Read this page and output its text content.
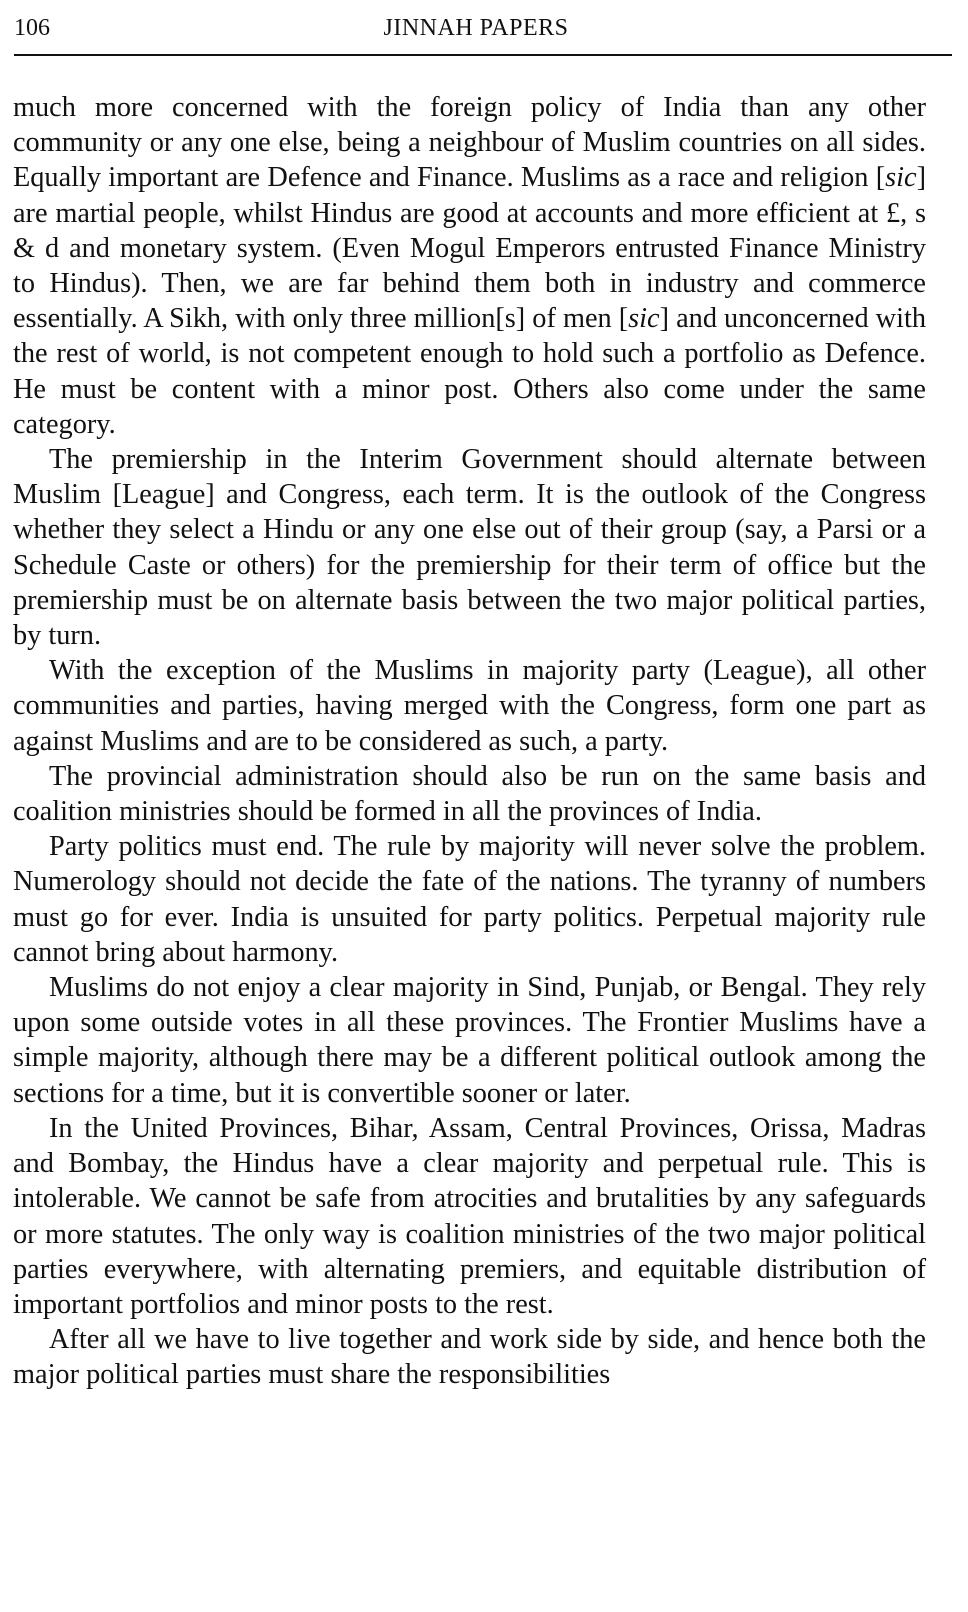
106	JINNAH PAPERS

much more concerned with the foreign policy of India than any other community or any one else, being a neighbour of Muslim countries on all sides. Equally important are Defence and Finance. Muslims as a race and religion [sic] are martial people, whilst Hindus are good at accounts and more efficient at £, s & d and monetary system. (Even Mogul Emperors entrusted Finance Ministry to Hindus). Then, we are far behind them both in industry and commerce essentially. A Sikh, with only three million[s] of men [sic] and unconcerned with the rest of world, is not competent enough to hold such a portfolio as Defence. He must be content with a minor post. Others also come under the same category.

The premiership in the Interim Government should alternate between Muslim [League] and Congress, each term. It is the outlook of the Congress whether they select a Hindu or any one else out of their group (say, a Parsi or a Schedule Caste or others) for the premiership for their term of office but the premiership must be on alternate basis between the two major political parties, by turn.

With the exception of the Muslims in majority party (League), all other communities and parties, having merged with the Congress, form one part as against Muslims and are to be considered as such, a party.

The provincial administration should also be run on the same basis and coalition ministries should be formed in all the provinces of India.

Party politics must end. The rule by majority will never solve the problem. Numerology should not decide the fate of the nations. The tyranny of numbers must go for ever. India is unsuited for party politics. Perpetual majority rule cannot bring about harmony.

Muslims do not enjoy a clear majority in Sind, Punjab, or Bengal. They rely upon some outside votes in all these provinces. The Frontier Muslims have a simple majority, although there may be a different political outlook among the sections for a time, but it is convertible sooner or later.

In the United Provinces, Bihar, Assam, Central Provinces, Orissa, Madras and Bombay, the Hindus have a clear majority and perpetual rule. This is intolerable. We cannot be safe from atrocities and brutalities by any safeguards or more statutes. The only way is coalition ministries of the two major political parties everywhere, with alternating premiers, and equitable distribution of important portfolios and minor posts to the rest.

After all we have to live together and work side by side, and hence both the major political parties must share the responsibilities
